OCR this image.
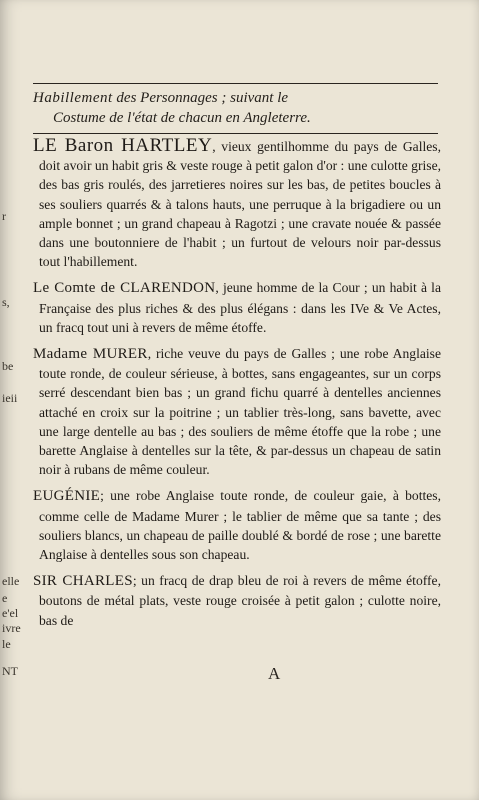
r
s,
be
ieii
elle
e
e'el
ivre
le
NT
Habillement des Personnages ; suivant le
Costume de l'état de chacun en Angleterre.

LE Baron HARTLEY, vieux gentilhomme du pays de Galles, doit avoir un habit gris & veste rouge à petit galon d'or : une culotte grise, des bas gris roulés, des jarretieres noires sur les bas, de petites boucles à ses souliers quarrés & à talons hauts, une perruque à la brigadiere ou un ample bonnet ; un grand chapeau à Ragotzi ; une cravate nouée & passée dans une boutonniere de l'habit ; un furtout de velours noir par-dessus tout l'habillement.

Le Comte de CLARENDON, jeune homme de la Cour ; un habit à la Française des plus riches & des plus élégans : dans les IVe & Ve Actes, un fracq tout uni à revers de même étoffe.

Madame MURER, riche veuve du pays de Galles ; une robe Anglaise toute ronde, de couleur sérieuse, à bottes, sans engageantes, sur un corps serré descendant bien bas ; un grand fichu quarré à dentelles anciennes attaché en croix sur la poitrine ; un tablier très-long, sans bavette, avec une large dentelle au bas ; des souliers de même étoffe que la robe ; une barette Anglaise à dentelles sur la tête, & par-dessus un chapeau de satin noir à rubans de même couleur.

EUGÉNIE; une robe Anglaise toute ronde, de couleur gaie, à bottes, comme celle de Madame Murer ; le tablier de même que sa tante ; des souliers blancs, un chapeau de paille doublé & bordé de rose ; une barette Anglaise à dentelles sous son chapeau.

SIR CHARLES; un fracq de drap bleu de roi à revers de même étoffe, boutons de métal plats, veste rouge croisée à petit galon ; culotte noire, bas de

A
